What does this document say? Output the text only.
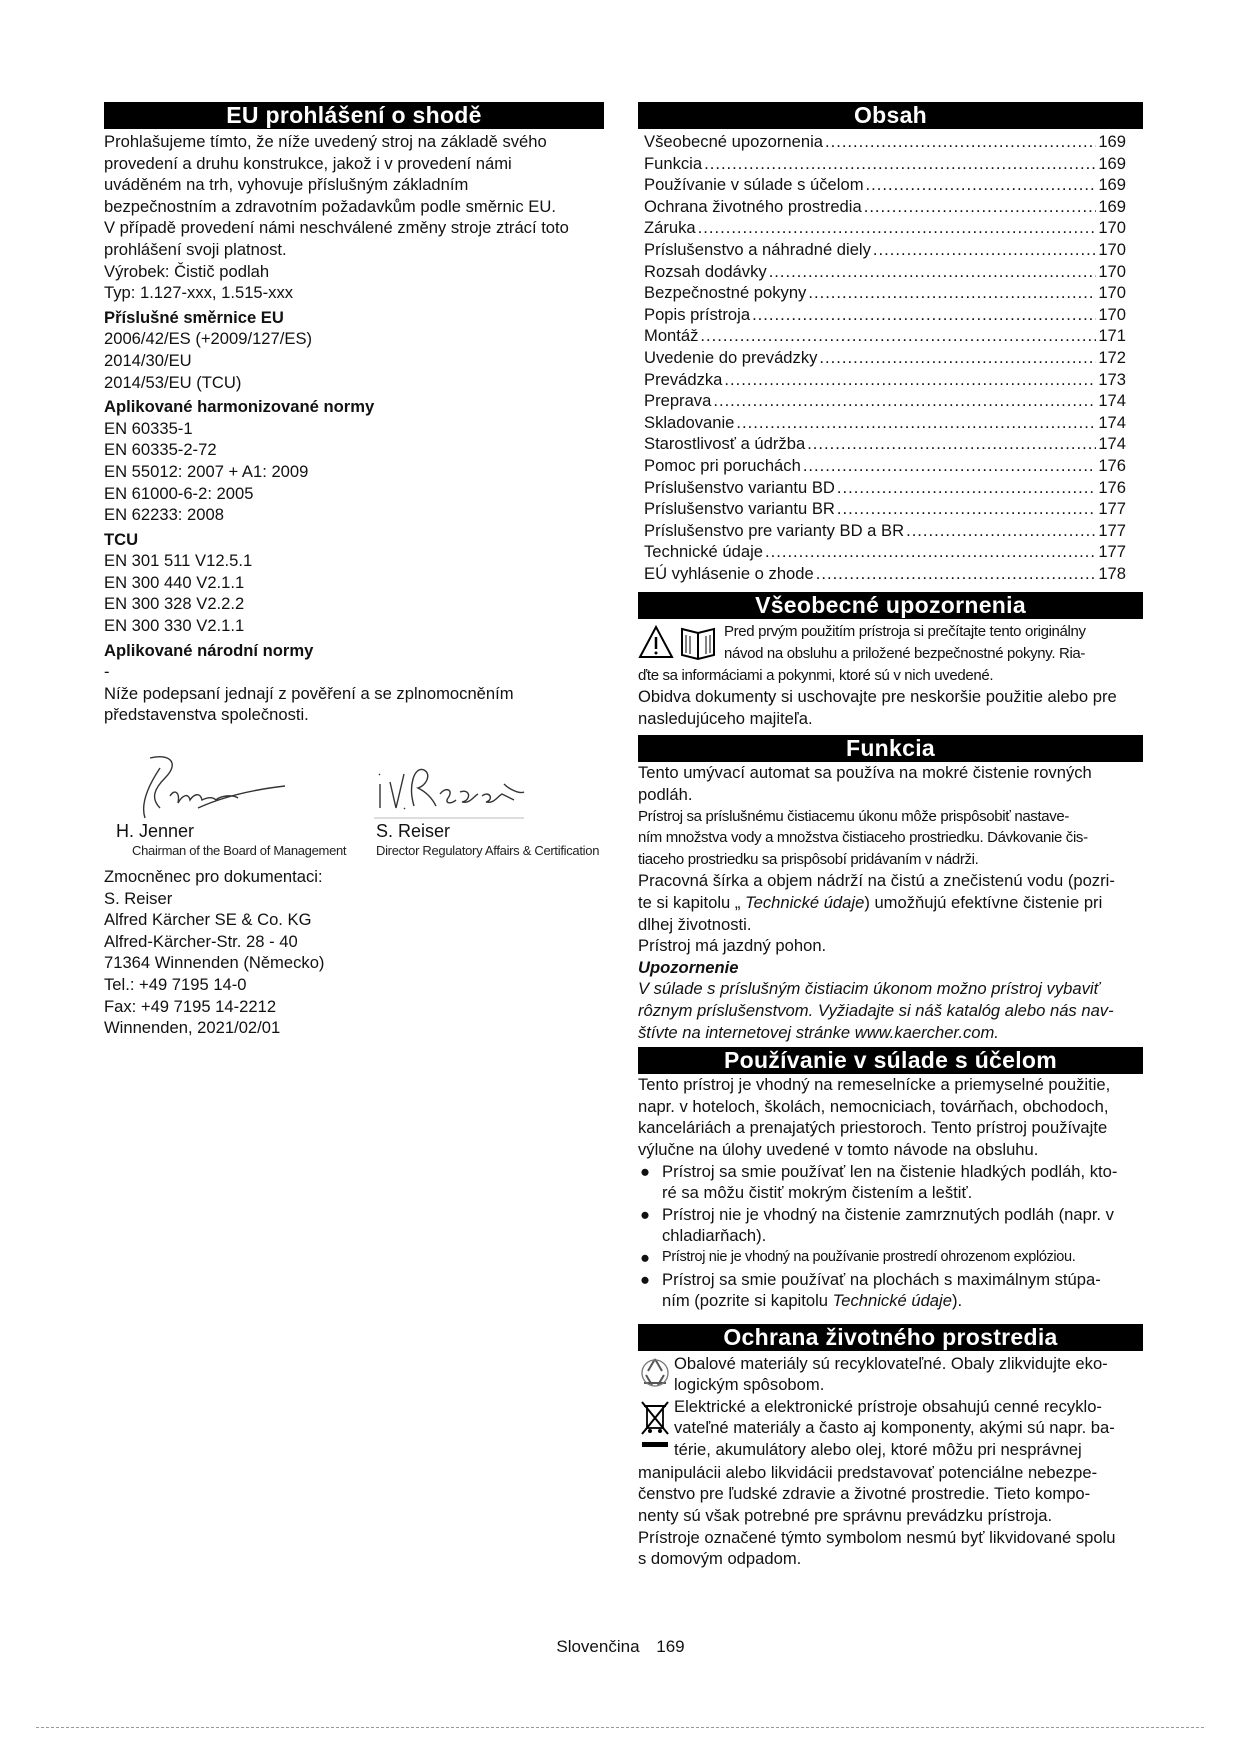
EU prohlášení o shodě

Prohlašujeme tímto, že níže uvedený stroj na základě svého

provedení a druhu konstrukce, jakož i v provedení námi

uváděném na trh, vyhovuje příslušným základním

bezpečnostním a zdravotním požadavkům podle směrnic EU.

V případě provedení námi neschválené změny stroje ztrácí toto

prohlášení svoji platnost.

Výrobek: Čistič podlah

Typ: 1.127-xxx, 1.515-xxx

Příslušné směrnice EU

2006/42/ES (+2009/127/ES)

2014/30/EU

2014/53/EU (TCU)

Aplikované harmonizované normy

EN 60335-1

EN 60335-2-72

EN 55012: 2007 + A1: 2009

EN 61000-6-2: 2005

EN 62233: 2008

TCU

EN 301 511 V12.5.1

EN 300 440 V2.1.1

EN 300 328 V2.2.2

EN 300 330 V2.1.1

Aplikované národní normy

-

Níže podepsaní jednají z pověření a se zplnomocněním

představenstva společnosti.

H. Jenner
Chairman of the Board of Management
S. Reiser
Director Regulatory Affairs & Certification

Zmocněnec pro dokumentaci:

S. Reiser

Alfred Kärcher SE & Co. KG

Alfred-Kärcher-Str. 28 - 40

71364 Winnenden (Německo)

Tel.: +49 7195 14-0

Fax: +49 7195 14-2212

Winnenden, 2021/02/01

Obsah
Všeobecné upozornenia .....	169
Funkcia .....	169
Používanie v súlade s účelom .....	169
Ochrana životného prostredia .....	169
Záruka .....	170
Príslušenstvo a náhradné diely .....	170
Rozsah dodávky .....	170
Bezpečnostné pokyny .....	170
Popis prístroja .....	170
Montáž .....	171
Uvedenie do prevádzky .....	172
Prevádzka .....	173
Preprava .....	174
Skladovanie .....	174
Starostlivosť a údržba .....	174
Pomoc pri poruchách .....	176
Príslušenstvo variantu BD .....	176
Príslušenstvo variantu BR .....	177
Príslušenstvo pre varianty BD a BR .....	177
Technické údaje .....	177
EÚ vyhlásenie o zhode .....	178
Všeobecné upozornenia

Pred prvým použitím prístroja si prečítajte tento originálny

návod na obsluhu a priložené bezpečnostné pokyny. Ria-

ďte sa informáciami a pokynmi, ktoré sú v nich uvedené.

Obidva dokumenty si uschovajte pre neskoršie použitie alebo pre

nasledujúceho majiteľa.

Funkcia

Tento umývací automat sa používa na mokré čistenie rovných

podláh.

Prístroj sa príslušnému čistiacemu úkonu môže prispôsobiť nastave-

ním množstva vody a množstva čistiaceho prostriedku. Dávkovanie čis-

tiaceho prostriedku sa prispôsobí pridávaním v nádrži.

Pracovná šírka a objem nádrží na čistú a znečistenú vodu (pozri-

te si kapitolu „ Technické údaje) umožňujú efektívne čistenie pri

dlhej životnosti.

Prístroj má jazdný pohon.

Upozornenie

V súlade s príslušným čistiacim úkonom možno prístroj vybaviť

rôznym príslušenstvom. Vyžiadajte si náš katalóg alebo nás nav-

štívte na internetovej stránke www.kaercher.com.

Používanie v súlade s účelom

Tento prístroj je vhodný na remeselnícke a priemyselné použitie,

napr. v hoteloch, školách, nemocniciach, továrňach, obchodoch,

kanceláriách a prenajatých priestoroch. Tento prístroj používajte

výlučne na úlohy uvedené v tomto návode na obsluhu.

● Prístroj sa smie používať len na čistenie hladkých podláh, kto-
ré sa môžu čistiť mokrým čistením a leštiť.
● Prístroj nie je vhodný na čistenie zamrznutých podláh (napr. v
chladiarňach).
● Prístroj nie je vhodný na používanie prostredí ohrozenom explóziou.
● Prístroj sa smie používať na plochách s maximálnym stúpa-
ním (pozrite si kapitolu Technické údaje).
Ochrana životného prostredia

Obalové materiály sú recyklovateľné. Obaly zlikvidujte eko-

logickým spôsobom.

Elektrické a elektronické prístroje obsahujú cenné recyklo-

vateľné materiály a často aj komponenty, akými sú napr. ba-

térie, akumulátory alebo olej, ktoré môžu pri nesprávnej

manipulácii alebo likvidácii predstavovať potenciálne nebezpe-

čenstvo pre ľudské zdravie a životné prostredie. Tieto kompo-

nenty sú však potrebné pre správnu prevádzku prístroja.

Prístroje označené týmto symbolom nesmú byť likvidované spolu

s domovým odpadom.

Slovenčina 169
